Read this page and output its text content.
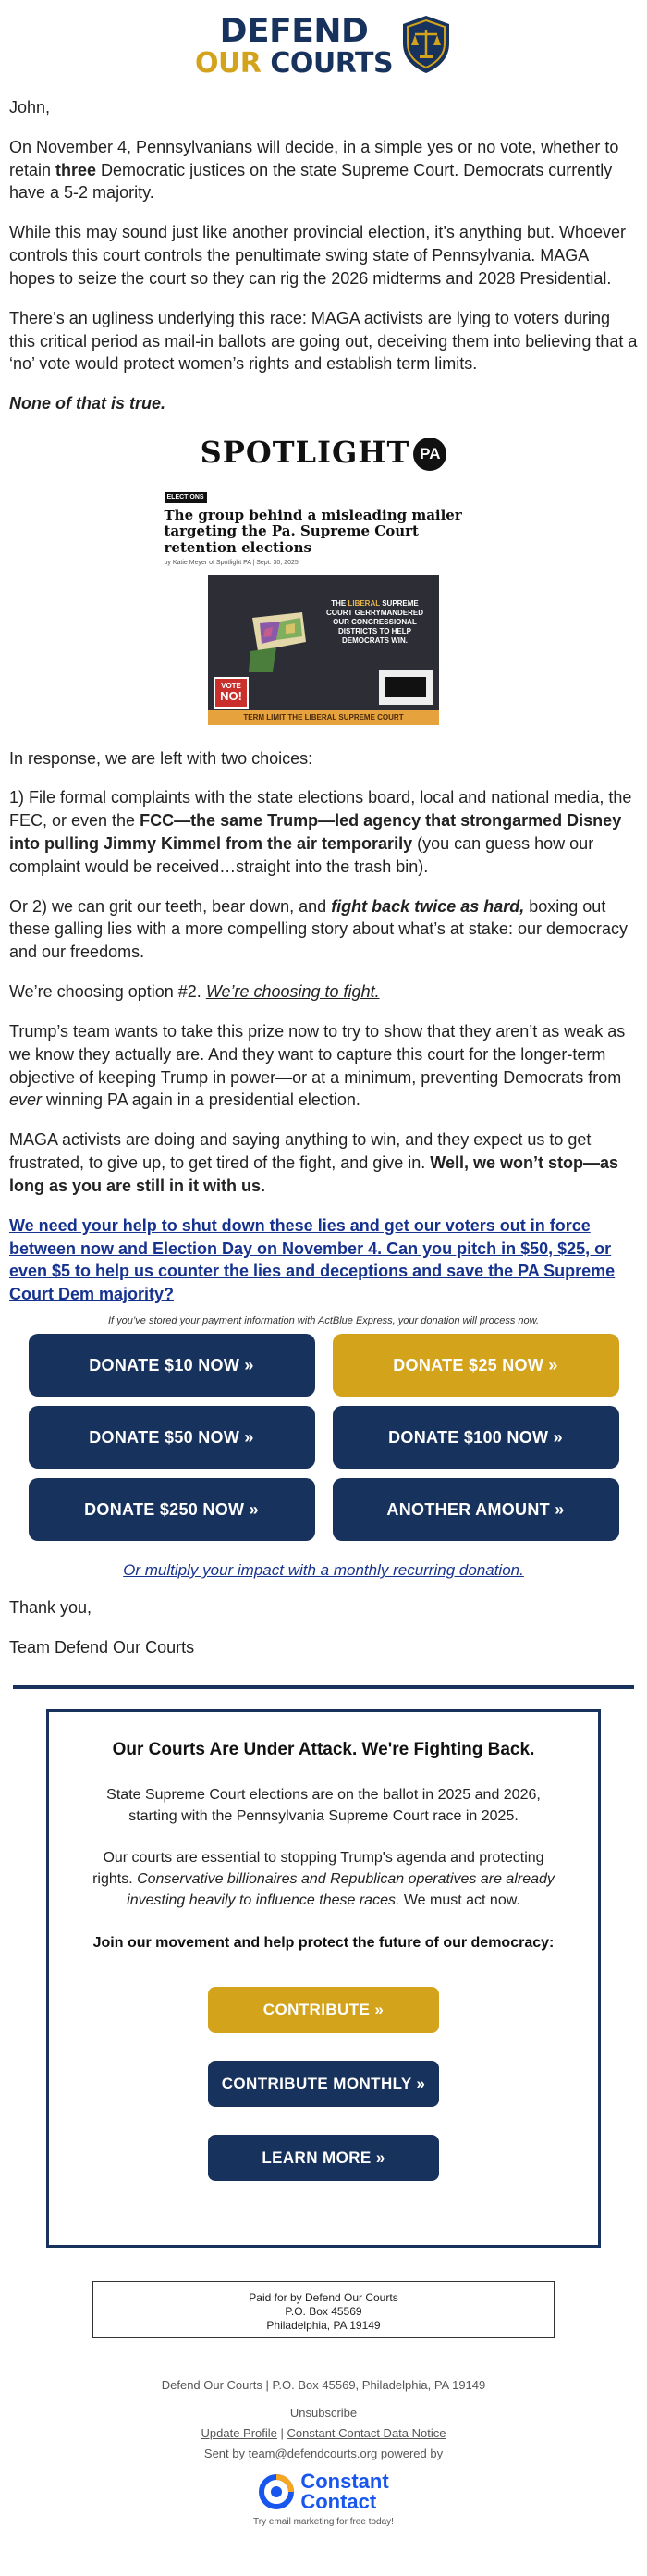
DEFEND
OUR COURTS

John,

On November 4, Pennsylvanians will decide, in a simple yes or no vote, whether to retain three Democratic justices on the state Supreme Court. Democrats currently have a 5-2 majority.

While this may sound just like another provincial election, it’s anything but. Whoever controls this court controls the penultimate swing state of Pennsylvania. MAGA hopes to seize the court so they can rig the 2026 midterms and 2028 Presidential.

There’s an ugliness underlying this race: MAGA activists are lying to voters during this critical period as mail-in ballots are going out, deceiving them into believing that a ‘no’ vote would protect women’s rights and establish term limits.

None of that is true.

SPOTLIGHT PA
ELECTIONS
The group behind a misleading mailer targeting the Pa. Supreme Court retention elections
by Katie Meyer of Spotlight PA | Sept. 30, 2025
THE LIBERAL SUPREME COURT GERRYMANDERED OUR CONGRESSIONAL DISTRICTS TO HELP DEMOCRATS WIN.
VOTE
NO!
TERM LIMIT THE LIBERAL SUPREME COURT

In response, we are left with two choices:

1) File formal complaints with the state elections board, local and national media, the FEC, or even the FCC—the same Trump—led agency that strongarmed Disney into pulling Jimmy Kimmel from the air temporarily (you can guess how our complaint would be received…straight into the trash bin).

Or 2) we can grit our teeth, bear down, and fight back twice as hard, boxing out these galling lies with a more compelling story about what’s at stake: our democracy and our freedoms.

We’re choosing option #2. We’re choosing to fight.

Trump’s team wants to take this prize now to try to show that they aren’t as weak as we know they actually are. And they want to capture this court for the longer-term objective of keeping Trump in power—or at a minimum, preventing Democrats from ever winning PA again in a presidential election.

MAGA activists are doing and saying anything to win, and they expect us to get frustrated, to give up, to get tired of the fight, and give in. Well, we won’t stop—as long as you are still in it with us.

We need your help to shut down these lies and get our voters out in force between now and Election Day on November 4. Can you pitch in $50, $25, or even $5 to help us counter the lies and deceptions and save the PA Supreme Court Dem majority?

If you’ve stored your payment information with ActBlue Express, your donation will process now.
DONATE $10 NOW »	DONATE $25 NOW »
DONATE $50 NOW »	DONATE $100 NOW »
DONATE $250 NOW »	ANOTHER AMOUNT »
Or multiply your impact with a monthly recurring donation.

Thank you,

Team Defend Our Courts

Our Courts Are Under Attack. We're Fighting Back.

State Supreme Court elections are on the ballot in 2025 and 2026, starting with the Pennsylvania Supreme Court race in 2025.

Our courts are essential to stopping Trump's agenda and protecting rights. Conservative billionaires and Republican operatives are already investing heavily to influence these races. We must act now.

Join our movement and help protect the future of our democracy:

CONTRIBUTE »
CONTRIBUTE MONTHLY »
LEARN MORE »
Paid for by Defend Our Courts
P.O. Box 45569
Philadelphia, PA 19149
Defend Our Courts | P.O. Box 45569, Philadelphia, PA 19149
Unsubscribe
Update Profile | Constant Contact Data Notice
Sent by team@defendcourts.org powered by
Constant
Contact
Try email marketing for free today!
